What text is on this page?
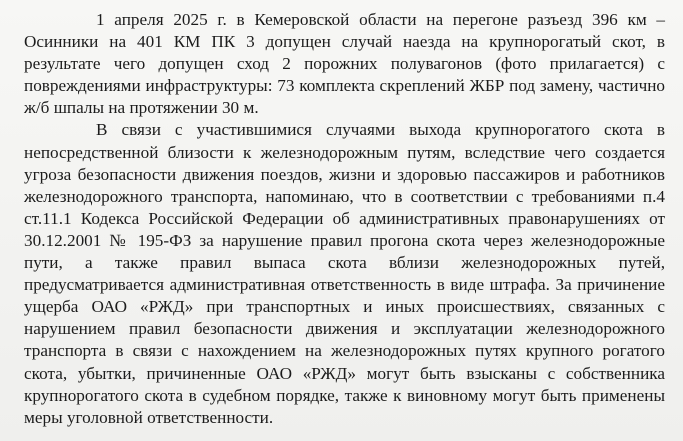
1 апреля 2025 г. в Кемеровской области на перегоне разъезд 396 км – Осинники на 401 КМ ПК 3 допущен случай наезда на крупнорогатый скот, в результате чего допущен сход 2 порожних полувагонов (фото прилагается) с повреждениями инфраструктуры: 73 комплекта скреплений ЖБР под замену, частично ж/б шпалы на протяжении 30 м.

В связи с участившимися случаями выхода крупнорогатого скота в непосредственной близости к железнодорожным путям, вследствие чего создается угроза безопасности движения поездов, жизни и здоровью пассажиров и работников железнодорожного транспорта, напоминаю, что в соответствии с требованиями п.4 ст.11.1 Кодекса Российской Федерации об административных правонарушениях от 30.12.2001 № 195-ФЗ за нарушение правил прогона скота через железнодорожные пути, а также правил выпаса скота вблизи железнодорожных путей, предусматривается административная ответственность в виде штрафа. За причинение ущерба ОАО «РЖД» при транспортных и иных происшествиях, связанных с нарушением правил безопасности движения и эксплуатации железнодорожного транспорта в связи с нахождением на железнодорожных путях крупного рогатого скота, убытки, причиненные ОАО «РЖД» могут быть взысканы с собственника крупнорогатого скота в судебном порядке, также к виновному могут быть применены меры уголовной ответственности.
